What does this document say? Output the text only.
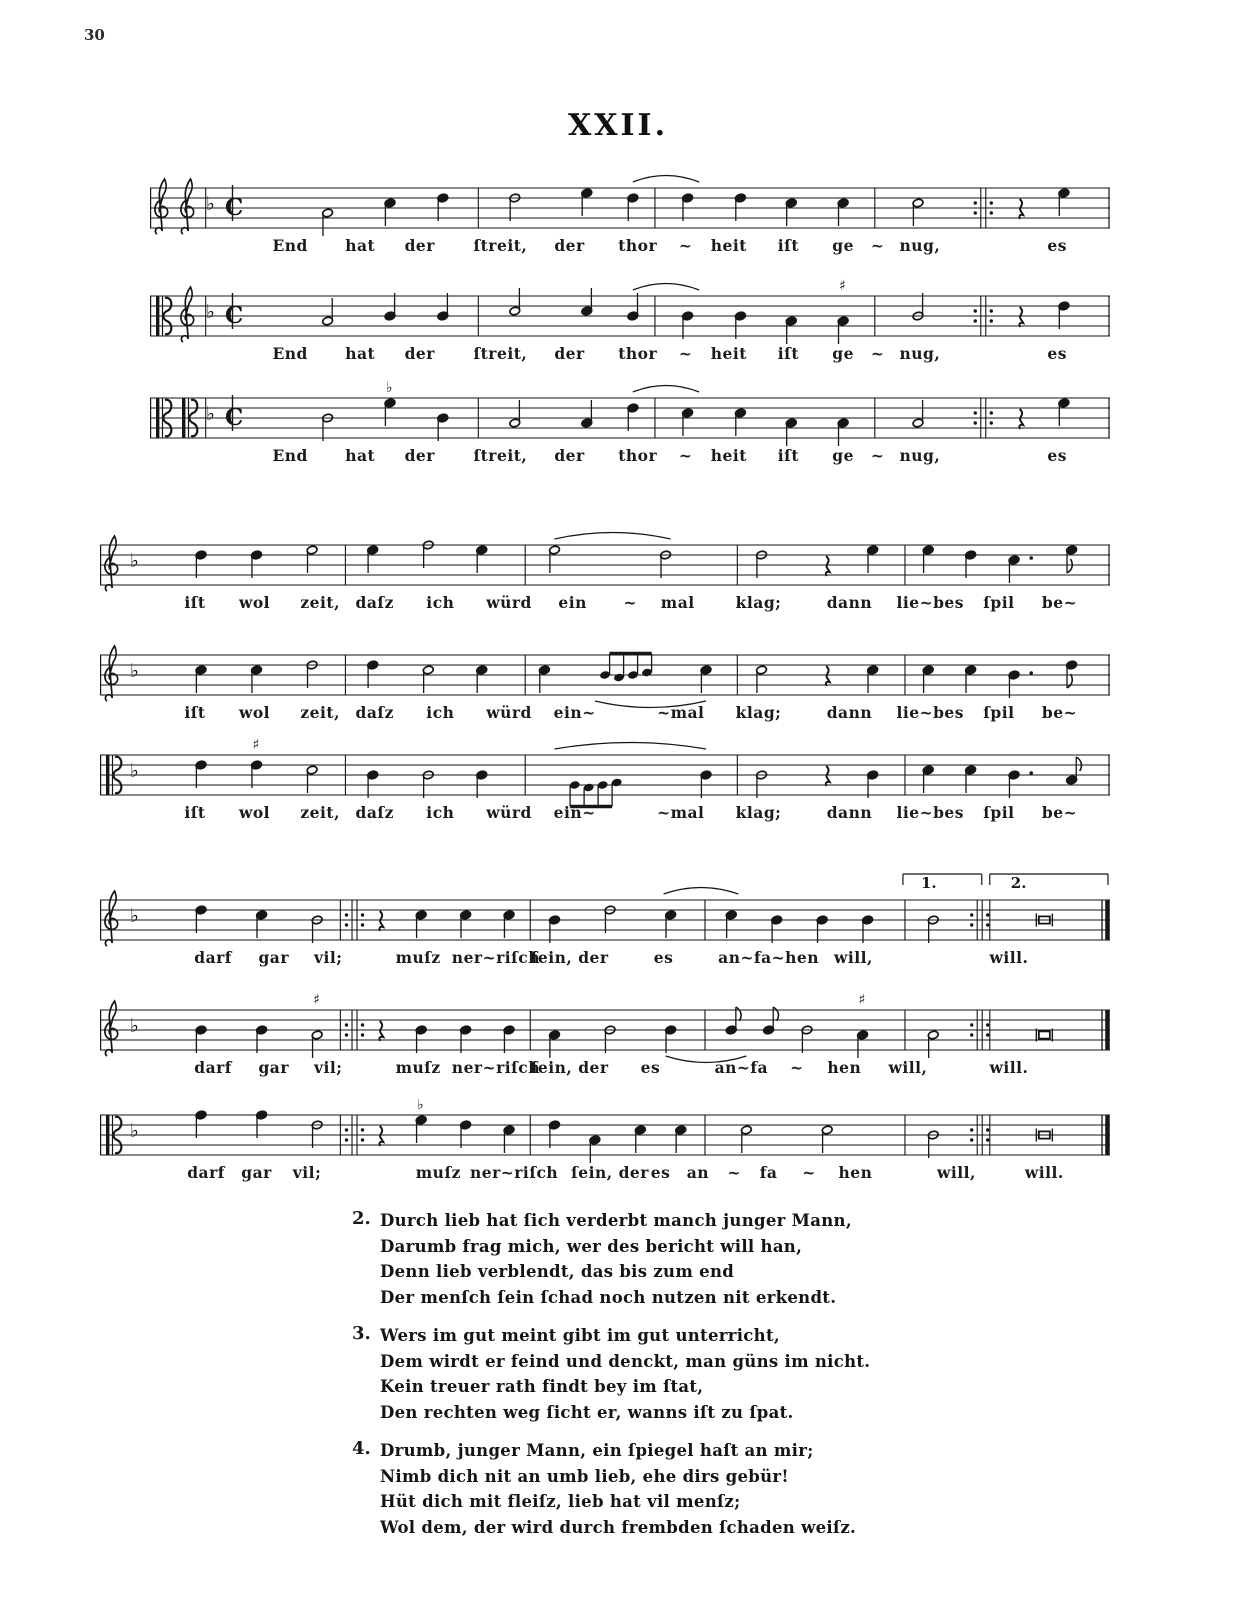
30
XXII.
♭ C
End hat der ſtreit, der thor ~ heit iſt ge ~ nug,	es
♭ C
♯
End hat der ſtreit, der thor ~ heit iſt ge ~ nug,	es
♭ C
♭
End hat der ſtreit, der thor ~ heit iſt ge ~ nug,	es
♭
iſt wol zeit, daſz ich würd ein ~ mal	klag;	dann lie~bes ſpil be~
♭
iſt wol zeit, daſz ich würd ein~	~mal klag;	dann lie~bes ſpil be~
♭
♯
iſt wol zeit, daſz ich würd ein~	~mal klag;	dann lie~bes ſpil be~
♭
1.	2.
darf gar vil;	muſz ner~riſch
ſein, der	es	an~fa~hen will,	will.
♭
♯	♯
darf gar vil;	muſz ner~riſch
ſein, der es	an~fa ~ hen will,	will.
♭
♭
darf gar vil;	muſz ner~riſch ſein, der es an ~ fa ~ hen	will,	will.
2. Durch lieb hat ſich verderbt manch junger Mann,
Darumb frag mich, wer des bericht will han,
Denn lieb verblendt, das bis zum end
Der menſch ſein ſchad noch nutzen nit erkendt.
3. Wers im gut meint gibt im gut unterricht,
Dem wirdt er feind und denckt, man güns im nicht.
Kein treuer rath findt bey im ſtat,
Den rechten weg ſicht er, wanns iſt zu ſpat.
4. Drumb, junger Mann, ein ſpiegel haſt an mir;
Nimb dich nit an umb lieb, ehe dirs gebür!
Hüt dich mit fleiſz, lieb hat vil menſz;
Wol dem, der wird durch frembden ſchaden weiſz.
